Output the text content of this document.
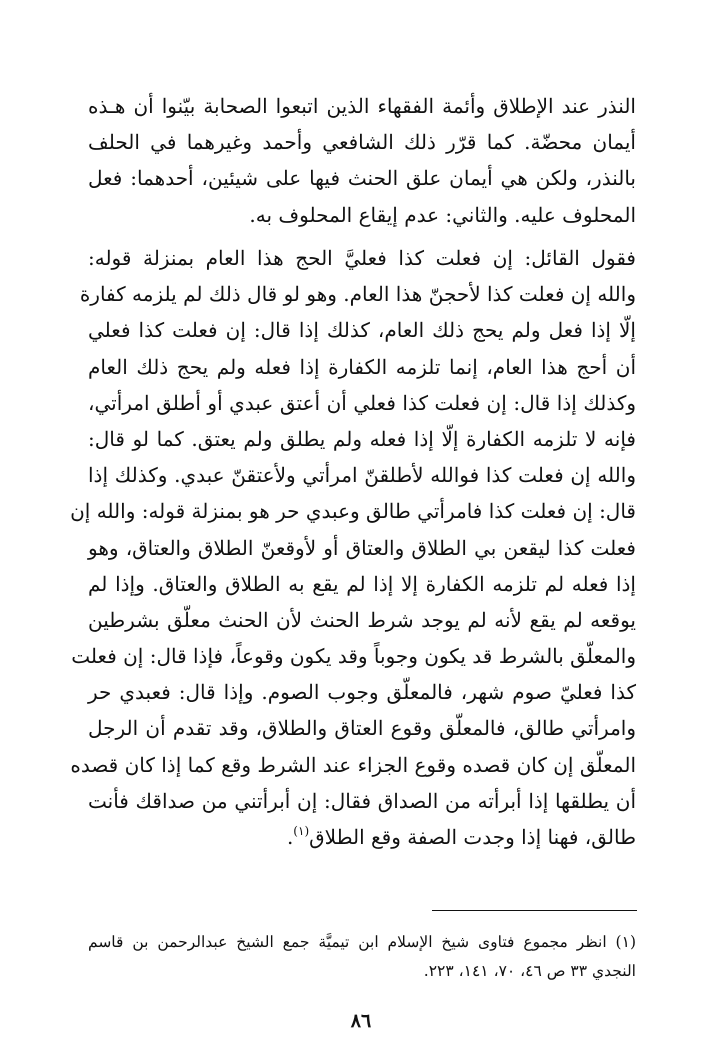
النذر عند الإطلاق وأئمة الفقهاء الذين اتبعوا الصحابة بيّنوا أن هـذه
أيمان محضّة. كما قرّر ذلك الشافعي وأحمد وغيرهما في الحلف
بالنذر، ولكن هي أيمان علق الحنث فيها على شيئين، أحدهما: فعل
المحلوف عليه. والثاني: عدم إيقاع المحلوف به.
فقول القائل: إن فعلت كذا فعليَّ الحج هذا العام بمنزلة قوله:
والله إن فعلت كذا لأحجنّ هذا العام. وهو لو قال ذلك لم يلزمه كفارة
إلّا إذا فعل ولم يحج ذلك العام، كذلك إذا قال: إن فعلت كذا فعلي
أن أحج هذا العام، إنما تلزمه الكفارة إذا فعله ولم يحج ذلك العام
وكذلك إذا قال: إن فعلت كذا فعلي أن أعتق عبدي أو أطلق امرأتي،
فإنه لا تلزمه الكفارة إلّا إذا فعله ولم يطلق ولم يعتق. كما لو قال:
والله إن فعلت كذا فوالله لأطلقنّ امرأتي ولأعتقنّ عبدي. وكذلك إذا
قال: إن فعلت كذا فامرأتي طالق وعبدي حر هو بمنزلة قوله: والله إن
فعلت كذا ليقعن بي الطلاق والعتاق أو لأوقعنّ الطلاق والعتاق، وهو
إذا فعله لم تلزمه الكفارة إلا إذا لم يقع به الطلاق والعتاق. وإذا لم
يوقعه لم يقع لأنه لم يوجد شرط الحنث لأن الحنث معلّق بشرطين
والمعلّق بالشرط قد يكون وجوباً وقد يكون وقوعاً، فإذا قال: إن فعلت
كذا فعليّ صوم شهر، فالمعلّق وجوب الصوم. وإذا قال: فعبدي حر
وامرأتي طالق، فالمعلّق وقوع العتاق والطلاق، وقد تقدم أن الرجل
المعلّق إن كان قصده وقوع الجزاء عند الشرط وقع كما إذا كان قصده
أن يطلقها إذا أبرأته من الصداق فقال: إن أبرأتني من صداقك فأنت
طالق، فهنا إذا وجدت الصفة وقع الطلاق$^{(١)}$.
(١) انظر مجموع فتاوى شيخ الإسلام ابن تيميَّة جمع الشيخ عبدالرحمن بن قاسم
النجدي ٣٣ ص ٤٦، ٧٠، ١٤١، ٢٢٣.
٨٦
